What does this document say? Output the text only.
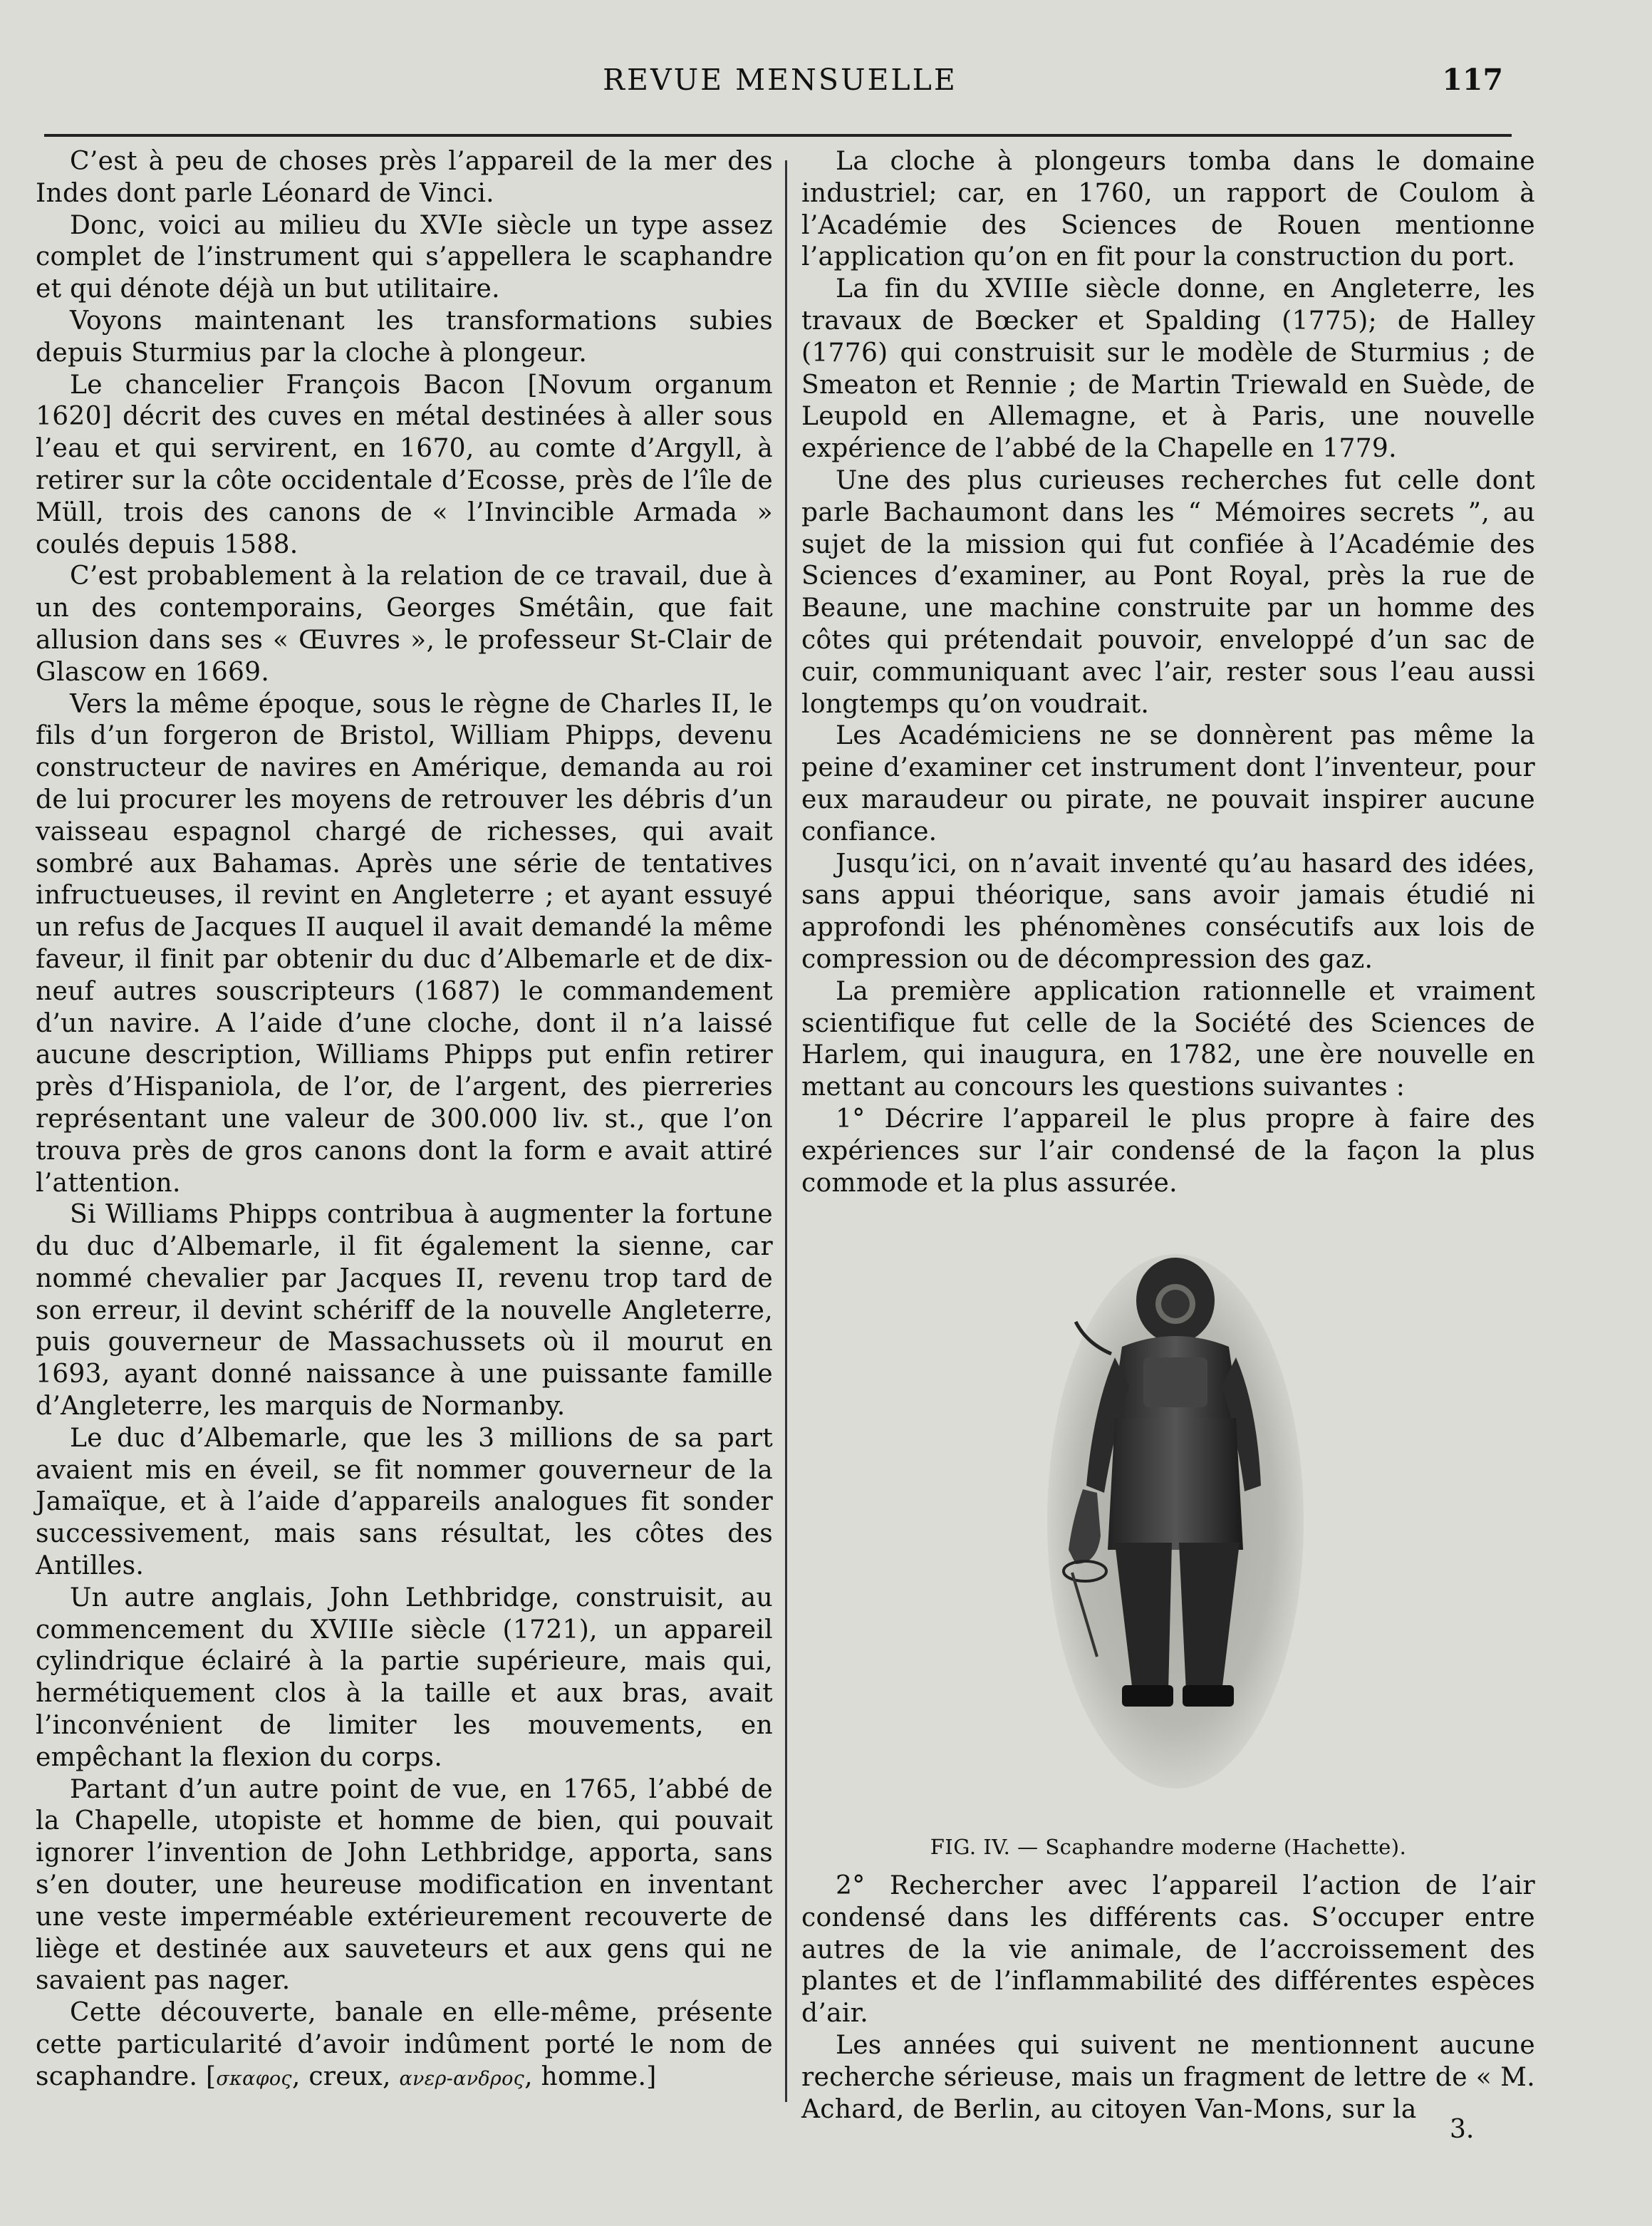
REVUE MENSUELLE	117

C’est à peu de choses près l’appareil de la mer des Indes dont parle Léonard de Vinci.

Donc, voici au milieu du XVIe siècle un type assez complet de l’instrument qui s’appellera le scaphandre et qui dénote déjà un but utilitaire.

Voyons maintenant les transformations subies depuis Sturmius par la cloche à plongeur.

Le chancelier François Bacon [Novum organum 1620] décrit des cuves en métal destinées à aller sous l’eau et qui servirent, en 1670, au comte d’Argyll, à retirer sur la côte occidentale d’Ecosse, près de l’île de Müll, trois des canons de « l’Invincible Armada » coulés depuis 1588.

C’est probablement à la relation de ce travail, due à un des contemporains, Georges Smétâin, que fait allusion dans ses « Œuvres », le professeur St-Clair de Glascow en 1669.

Vers la même époque, sous le règne de Charles II, le fils d’un forgeron de Bristol, William Phipps, devenu constructeur de navires en Amérique, demanda au roi de lui procurer les moyens de retrouver les débris d’un vaisseau espagnol chargé de richesses, qui avait sombré aux Bahamas. Après une série de tentatives infructueuses, il revint en Angleterre ; et ayant essuyé un refus de Jacques II auquel il avait demandé la même faveur, il finit par obtenir du duc d’Albemarle et de dix-neuf autres souscripteurs (1687) le commandement d’un navire. A l’aide d’une cloche, dont il n’a laissé aucune description, Williams Phipps put enfin retirer près d’Hispaniola, de l’or, de l’argent, des pierreries représentant une valeur de 300.000 liv. st., que l’on trouva près de gros canons dont la form e avait attiré l’attention.

Si Williams Phipps contribua à augmenter la fortune du duc d’Albemarle, il fit également la sienne, car nommé chevalier par Jacques II, revenu trop tard de son erreur, il devint schériff de la nouvelle Angleterre, puis gouverneur de Massachussets où il mourut en 1693, ayant donné naissance à une puissante famille d’Angleterre, les marquis de Normanby.

Le duc d’Albemarle, que les 3 millions de sa part avaient mis en éveil, se fit nommer gouverneur de la Jamaïque, et à l’aide d’appareils analogues fit sonder successivement, mais sans résultat, les côtes des Antilles.

Un autre anglais, John Lethbridge, construisit, au commencement du XVIIIe siècle (1721), un appareil cylindrique éclairé à la partie supérieure, mais qui, hermétiquement clos à la taille et aux bras, avait l’inconvénient de limiter les mouvements, en empêchant la flexion du corps.

Partant d’un autre point de vue, en 1765, l’abbé de la Chapelle, utopiste et homme de bien, qui pouvait ignorer l’invention de John Lethbridge, apporta, sans s’en douter, une heureuse modification en inventant une veste imperméable extérieurement recouverte de liège et destinée aux sauveteurs et aux gens qui ne savaient pas nager.

Cette découverte, banale en elle-même, présente cette particularité d’avoir indûment porté le nom de scaphandre. [σκαφος, creux, ανερ-ανδρος, homme.]

La cloche à plongeurs tomba dans le domaine industriel; car, en 1760, un rapport de Coulom à l’Académie des Sciences de Rouen mentionne l’application qu’on en fit pour la construction du port.

La fin du XVIIIe siècle donne, en Angleterre, les travaux de Bœcker et Spalding (1775); de Halley (1776) qui construisit sur le modèle de Sturmius ; de Smeaton et Rennie ; de Martin Triewald en Suède, de Leupold en Allemagne, et à Paris, une nouvelle expérience de l’abbé de la Chapelle en 1779.

Une des plus curieuses recherches fut celle dont parle Bachaumont dans les “ Mémoires secrets ”, au sujet de la mission qui fut confiée à l’Académie des Sciences d’examiner, au Pont Royal, près la rue de Beaune, une machine construite par un homme des côtes qui prétendait pouvoir, enveloppé d’un sac de cuir, communiquant avec l’air, rester sous l’eau aussi longtemps qu’on voudrait.

Les Académiciens ne se donnèrent pas même la peine d’examiner cet instrument dont l’inventeur, pour eux maraudeur ou pirate, ne pouvait inspirer aucune confiance.

Jusqu’ici, on n’avait inventé qu’au hasard des idées, sans appui théorique, sans avoir jamais étudié ni approfondi les phénomènes consécutifs aux lois de compression ou de décompression des gaz.

La première application rationnelle et vraiment scientifique fut celle de la Société des Sciences de Harlem, qui inaugura, en 1782, une ère nouvelle en mettant au concours les questions suivantes :

1° Décrire l’appareil le plus propre à faire des expériences sur l’air condensé de la façon la plus commode et la plus assurée.

FIG. IV. — Scaphandre moderne (Hachette).

2° Rechercher avec l’appareil l’action de l’air condensé dans les différents cas. S’occuper entre autres de la vie animale, de l’accroissement des plantes et de l’inflammabilité des différentes espèces d’air.

Les années qui suivent ne mentionnent aucune recherche sérieuse, mais un fragment de lettre de « M. Achard, de Berlin, au citoyen Van-Mons, sur la

3.
